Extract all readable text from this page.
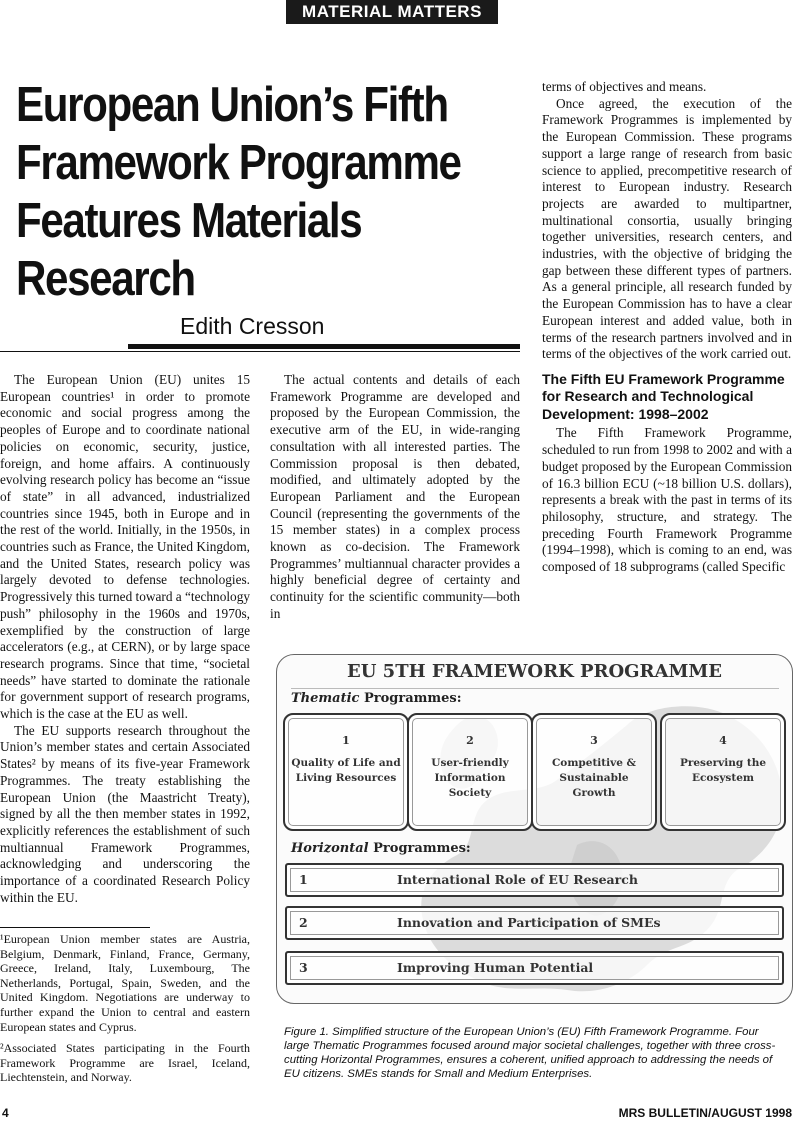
MATERIAL MATTERS
European Union’s Fifth
Framework Programme
Features Materials
Research
Edith Cresson

The European Union (EU) unites 15 European countries¹ in order to promote economic and social progress among the peoples of Europe and to coordinate national policies on economic, security, justice, foreign, and home affairs. A continuously evolving research policy has become an “issue of state” in all advanced, industrialized countries since 1945, both in Europe and in the rest of the world. Initially, in the 1950s, in countries such as France, the United Kingdom, and the United States, research policy was largely devoted to defense technologies. Progressively this turned toward a “technology push” philosophy in the 1960s and 1970s, exemplified by the construction of large accelerators (e.g., at CERN), or by large space research programs. Since that time, “societal needs” have started to dominate the rationale for government support of research programs, which is the case at the EU as well.

The EU supports research throughout the Union’s member states and certain Associated States² by means of its five-year Framework Programmes. The treaty establishing the European Union (the Maastricht Treaty), signed by all the then member states in 1992, explicitly references the establishment of such multiannual Framework Programmes, acknowledging and underscoring the importance of a coordinated Research Policy within the EU.

The actual contents and details of each Framework Programme are developed and proposed by the European Commission, the executive arm of the EU, in wide-ranging consultation with all interested parties. The Commission proposal is then debated, modified, and ultimately adopted by the European Parliament and the European Council (representing the governments of the 15 member states) in a complex process known as co-decision. The Framework Programmes’ multiannual character provides a highly beneficial degree of certainty and continuity for the scientific community—both in

terms of objectives and means.

Once agreed, the execution of the Framework Programmes is implemented by the European Commission. These programs support a large range of research from basic science to applied, precompetitive research of interest to European industry. Research projects are awarded to multipartner, multinational consortia, usually bringing together universities, research centers, and industries, with the objective of bridging the gap between these different types of partners. As a general principle, all research funded by the European Commission has to have a clear European interest and added value, both in terms of the research partners involved and in terms of the objectives of the work carried out.

The Fifth EU Framework Programme for Research and Technological Development: 1998–2002

The Fifth Framework Programme, scheduled to run from 1998 to 2002 and with a budget proposed by the European Commission of 16.3 billion ECU (~18 billion U.S. dollars), represents a break with the past in terms of its philosophy, structure, and strategy. The preceding Fourth Framework Programme (1994–1998), which is coming to an end, was composed of 18 subprograms (called Specific

¹European Union member states are Austria, Belgium, Denmark, Finland, France, Germany, Greece, Ireland, Italy, Luxembourg, The Netherlands, Portugal, Spain, Sweden, and the United Kingdom. Negotiations are underway to further expand the Union to central and eastern European states and Cyprus.
²Associated States participating in the Fourth Framework Programme are Israel, Iceland, Liechtenstein, and Norway.
EU 5TH FRAMEWORK PROGRAMME
Thematic Programmes:
1
Quality of Life and Living Resources
2
User-friendly Information Society
3
Competitive & Sustainable Growth
4
Preserving the Ecosystem
Horizontal Programmes:
1	International Role of EU Research
2	Innovation and Participation of SMEs
3	Improving Human Potential
Figure 1. Simplified structure of the European Union’s (EU) Fifth Framework Programme. Four large Thematic Programmes focused around major societal challenges, together with three cross-cutting Horizontal Programmes, ensures a coherent, unified approach to addressing the needs of EU citizens. SMEs stands for Small and Medium Enterprises.
4	MRS BULLETIN/AUGUST 1998
